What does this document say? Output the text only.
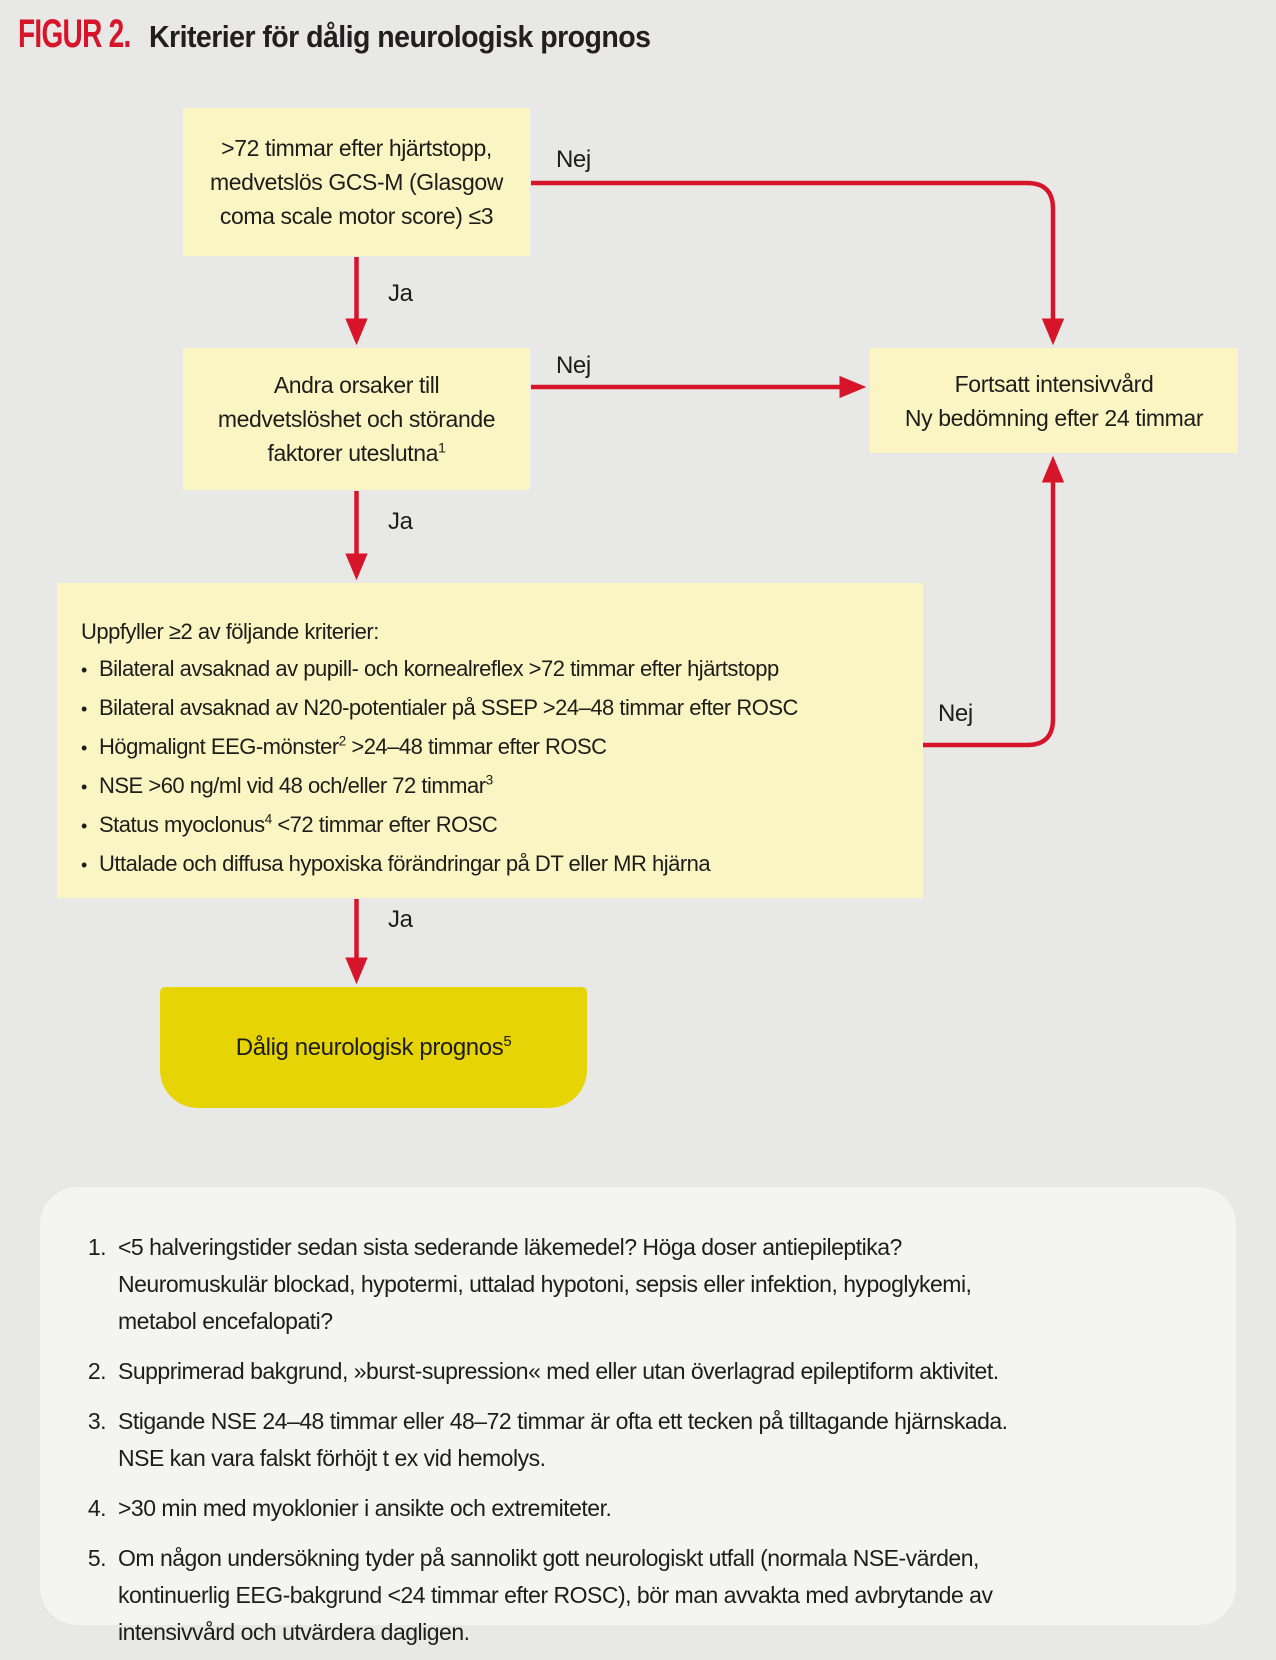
FIGUR 2. Kriterier för dålig neurologisk prognos
Nej
Ja
Nej
Ja
Nej
Ja
>72 timmar efter hjärtstopp,
medvetslös GCS-M (Glasgow
coma scale motor score) ≤3
Andra orsaker till
medvetslöshet och störande
faktorer uteslutna$^1$
Fortsatt intensivvård
Ny bedömning efter 24 timmar
Uppfyller ≥2 av följande kriterier:
• Bilateral avsaknad av pupill- och kornealreflex >72 timmar efter hjärtstopp
• Bilateral avsaknad av N20-potentialer på SSEP >24–48 timmar efter ROSC
• Högmalignt EEG-mönster$^2$ >24–48 timmar efter ROSC
• NSE >60 ng/ml vid 48 och/eller 72 timmar$^3$
• Status myoclonus$^4$ <72 timmar efter ROSC
• Uttalade och diffusa hypoxiska förändringar på DT eller MR hjärna
Dålig neurologisk prognos$^5$
1. <5 halveringstider sedan sista sederande läkemedel? Höga doser antiepileptika?
Neuromuskulär blockad, hypotermi, uttalad hypotoni, sepsis eller infektion, hypoglykemi,
metabol encefalopati?
2. Supprimerad bakgrund, »burst-supression« med eller utan överlagrad epileptiform aktivitet.
3. Stigande NSE 24–48 timmar eller 48–72 timmar är ofta ett tecken på tilltagande hjärnskada.
NSE kan vara falskt förhöjt t ex vid hemolys.
4. >30 min med myoklonier i ansikte och extremiteter.
5. Om någon undersökning tyder på sannolikt gott neurologiskt utfall (normala NSE-värden,
kontinuerlig EEG-bakgrund <24 timmar efter ROSC), bör man avvakta med avbrytande av
intensivvård och utvärdera dagligen.
